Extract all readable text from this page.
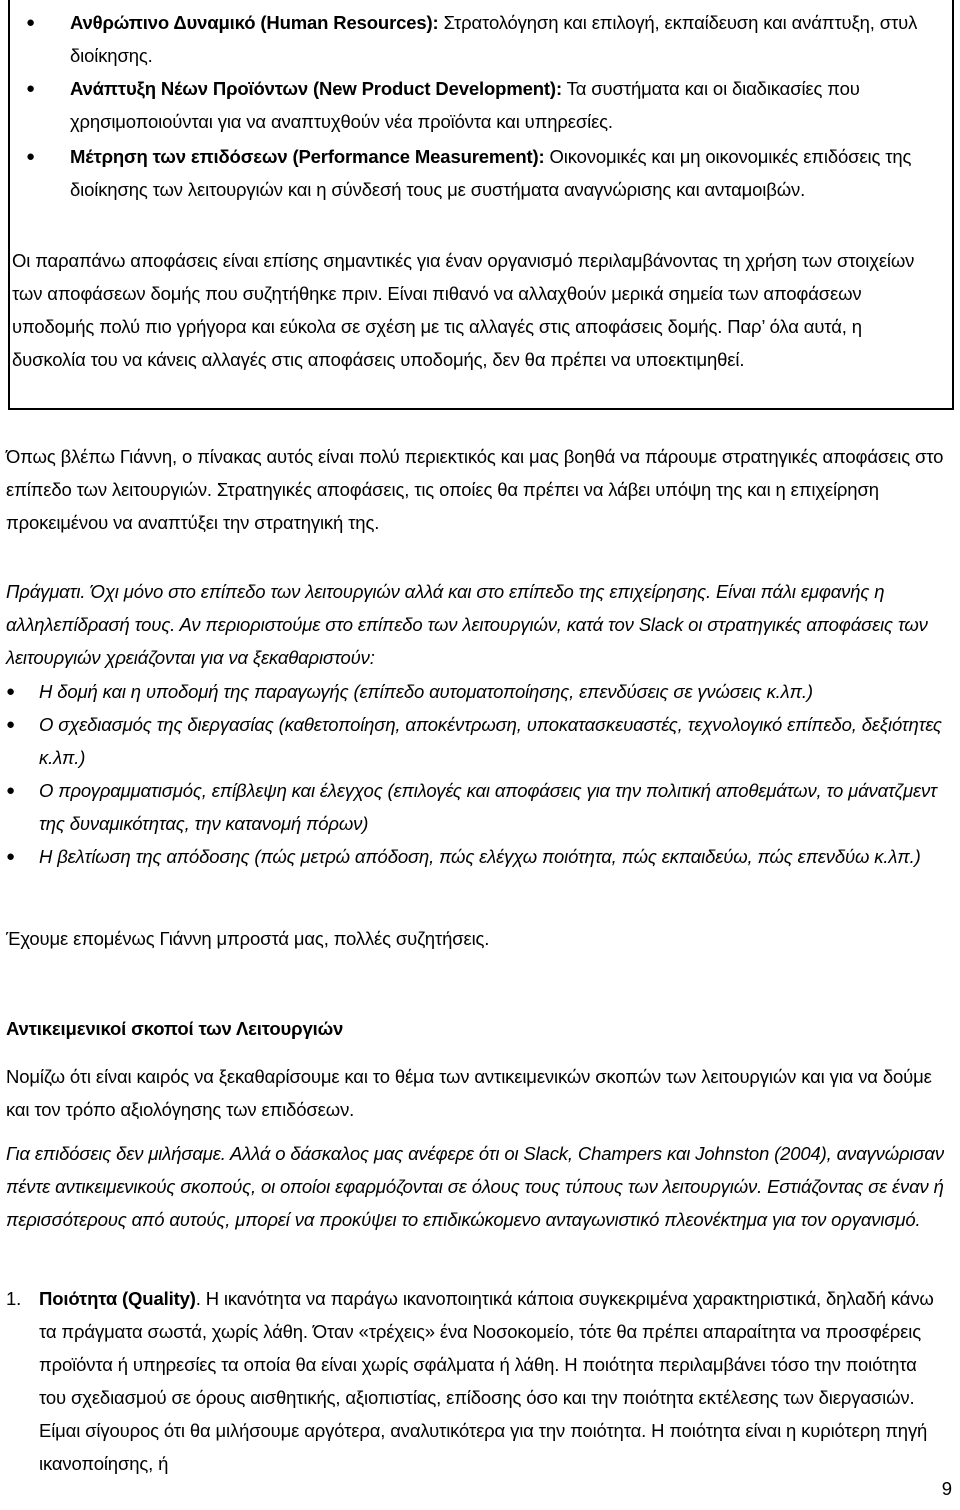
●	Ανθρώπινο Δυναμικό (Human Resources): Στρατολόγηση και επιλογή, εκπαίδευση και ανάπτυξη, στυλ διοίκησης.

●	Ανάπτυξη Νέων Προϊόντων (New Product Development): Τα συστήματα και οι διαδικασίες που χρησιμοποιούνται για να αναπτυχθούν νέα προϊόντα και υπηρεσίες.

●	Μέτρηση των επιδόσεων (Performance Measurement): Οικονομικές και μη οικονομικές επιδόσεις της διοίκησης των λειτουργιών και η σύνδεσή τους με συστήματα αναγνώρισης και ανταμοιβών.

Οι παραπάνω αποφάσεις είναι επίσης σημαντικές για έναν οργανισμό περιλαμβάνοντας τη χρήση των στοιχείων των αποφάσεων δομής που συζητήθηκε πριν. Είναι πιθανό να αλλαχθούν μερικά σημεία των αποφάσεων υποδομής πολύ πιο γρήγορα και εύκολα σε σχέση με τις αλλαγές στις αποφάσεις δομής. Παρ’ όλα αυτά, η δυσκολία του να κάνεις αλλαγές στις αποφάσεις υποδομής, δεν θα πρέπει να υποεκτιμηθεί.

Όπως βλέπω Γιάννη, ο πίνακας αυτός είναι πολύ περιεκτικός και μας βοηθά να πάρουμε στρατηγικές αποφάσεις στο επίπεδο των λειτουργιών. Στρατηγικές αποφάσεις, τις οποίες θα πρέπει να λάβει υπόψη της και η επιχείρηση προκειμένου να αναπτύξει την στρατηγική της.

Πράγματι. Όχι μόνο στο επίπεδο των λειτουργιών αλλά και στο επίπεδο της επιχείρησης. Είναι πάλι εμφανής η αλληλεπίδρασή τους. Αν περιοριστούμε στο επίπεδο των λειτουργιών, κατά τον Slack οι στρατηγικές αποφάσεις των λειτουργιών χρειάζονται για να ξεκαθαριστούν:

● Η δομή και η υποδομή της παραγωγής (επίπεδο αυτοματοποίησης, επενδύσεις σε γνώσεις κ.λπ.)

● Ο σχεδιασμός της διεργασίας (καθετοποίηση, αποκέντρωση, υποκατασκευαστές, τεχνολογικό επίπεδο, δεξιότητες κ.λπ.)

● Ο προγραμματισμός, επίβλεψη και έλεγχος (επιλογές και αποφάσεις για την πολιτική αποθεμάτων, το μάνατζμεντ της δυναμικότητας, την κατανομή πόρων)

● Η βελτίωση της απόδοσης (πώς μετρώ απόδοση, πώς ελέγχω ποιότητα, πώς εκπαιδεύω, πώς επενδύω κ.λπ.)

Έχουμε επομένως Γιάννη μπροστά μας, πολλές συζητήσεις.

Αντικειμενικοί σκοποί των Λειτουργιών

Νομίζω ότι είναι καιρός να ξεκαθαρίσουμε και το θέμα των αντικειμενικών σκοπών των λειτουργιών και για να δούμε και τον τρόπο αξιολόγησης των επιδόσεων.

Για επιδόσεις δεν μιλήσαμε. Αλλά ο δάσκαλος μας ανέφερε ότι οι Slack, Champers και Johnston (2004), αναγνώρισαν πέντε αντικειμενικούς σκοπούς, οι οποίοι εφαρμόζονται σε όλους τους τύπους των λειτουργιών. Εστιάζοντας σε έναν ή περισσότερους από αυτούς, μπορεί να προκύψει το επιδικώκομενο ανταγωνιστικό πλεονέκτημα για τον οργανισμό.

1. Ποιότητα (Quality). Η ικανότητα να παράγω ικανοποιητικά κάποια συγκεκριμένα χαρακτηριστικά, δηλαδή κάνω τα πράγματα σωστά, χωρίς λάθη. Όταν «τρέχεις» ένα Νοσοκομείο, τότε θα πρέπει απαραίτητα να προσφέρεις προϊόντα ή υπηρεσίες τα οποία θα είναι χωρίς σφάλματα ή λάθη. Η ποιότητα περιλαμβάνει τόσο την ποιότητα του σχεδιασμού σε όρους αισθητικής, αξιοπιστίας, επίδοσης όσο και την ποιότητα εκτέλεσης των διεργασιών. Είμαι σίγουρος ότι θα μιλήσουμε αργότερα, αναλυτικότερα για την ποιότητα. Η ποιότητα είναι η κυριότερη πηγή ικανοποίησης, ή

9
